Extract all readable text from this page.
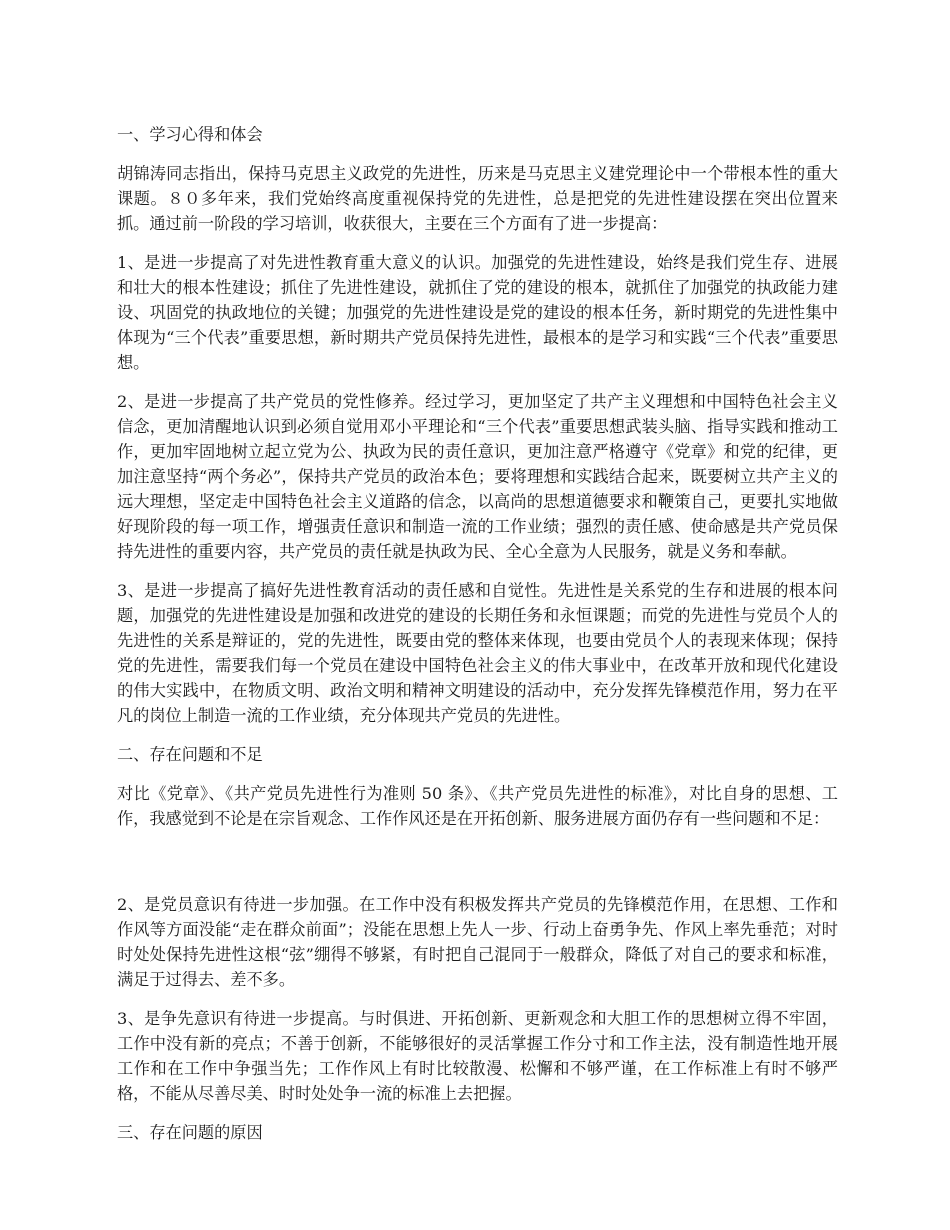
一、学习心得和体会

胡锦涛同志指出，保持马克思主义政党的先进性，历来是马克思主义建党理论中一个带根本性的重大课题。８０多年来，我们党始终高度重视保持党的先进性，总是把党的先进性建设摆在突出位置来抓。通过前一阶段的学习培训，收获很大，主要在三个方面有了进一步提高：

1、是进一步提高了对先进性教育重大意义的认识。加强党的先进性建设，始终是我们党生存、进展和壮大的根本性建设；抓住了先进性建设，就抓住了党的建设的根本，就抓住了加强党的执政能力建设、巩固党的执政地位的关键；加强党的先进性建设是党的建设的根本任务，新时期党的先进性集中体现为“三个代表”重要思想，新时期共产党员保持先进性，最根本的是学习和实践“三个代表”重要思想。

2、是进一步提高了共产党员的党性修养。经过学习，更加坚定了共产主义理想和中国特色社会主义信念，更加清醒地认识到必须自觉用邓小平理论和“三个代表”重要思想武装头脑、指导实践和推动工作，更加牢固地树立起立党为公、执政为民的责任意识，更加注意严格遵守《党章》和党的纪律，更加注意坚持“两个务必”，保持共产党员的政治本色；要将理想和实践结合起来，既要树立共产主义的远大理想，坚定走中国特色社会主义道路的信念，以高尚的思想道德要求和鞭策自己，更要扎实地做好现阶段的每一项工作，增强责任意识和制造一流的工作业绩；强烈的责任感、使命感是共产党员保持先进性的重要内容，共产党员的责任就是执政为民、全心全意为人民服务，就是义务和奉献。

3、是进一步提高了搞好先进性教育活动的责任感和自觉性。先进性是关系党的生存和进展的根本问题，加强党的先进性建设是加强和改进党的建设的长期任务和永恒课题；而党的先进性与党员个人的先进性的关系是辩证的，党的先进性，既要由党的整体来体现，也要由党员个人的表现来体现；保持党的先进性，需要我们每一个党员在建设中国特色社会主义的伟大事业中，在改革开放和现代化建设的伟大实践中，在物质文明、政治文明和精神文明建设的活动中，充分发挥先锋模范作用，努力在平凡的岗位上制造一流的工作业绩，充分体现共产党员的先进性。

二、存在问题和不足

对比《党章》、《共产党员先进性行为准则 50 条》、《共产党员先进性的标准》，对比自身的思想、工作，我感觉到不论是在宗旨观念、工作作风还是在开拓创新、服务进展方面仍存有一些问题和不足：

2、是党员意识有待进一步加强。在工作中没有积极发挥共产党员的先锋模范作用，在思想、工作和作风等方面没能“走在群众前面”；没能在思想上先人一步、行动上奋勇争先、作风上率先垂范；对时时处处保持先进性这根“弦”绷得不够紧，有时把自己混同于一般群众，降低了对自己的要求和标准，满足于过得去、差不多。

3、是争先意识有待进一步提高。与时俱进、开拓创新、更新观念和大胆工作的思想树立得不牢固，工作中没有新的亮点；不善于创新，不能够很好的灵活掌握工作分寸和工作主法，没有制造性地开展工作和在工作中争强当先；工作作风上有时比较散漫、松懈和不够严谨，在工作标准上有时不够严格，不能从尽善尽美、时时处处争一流的标准上去把握。

三、存在问题的原因
